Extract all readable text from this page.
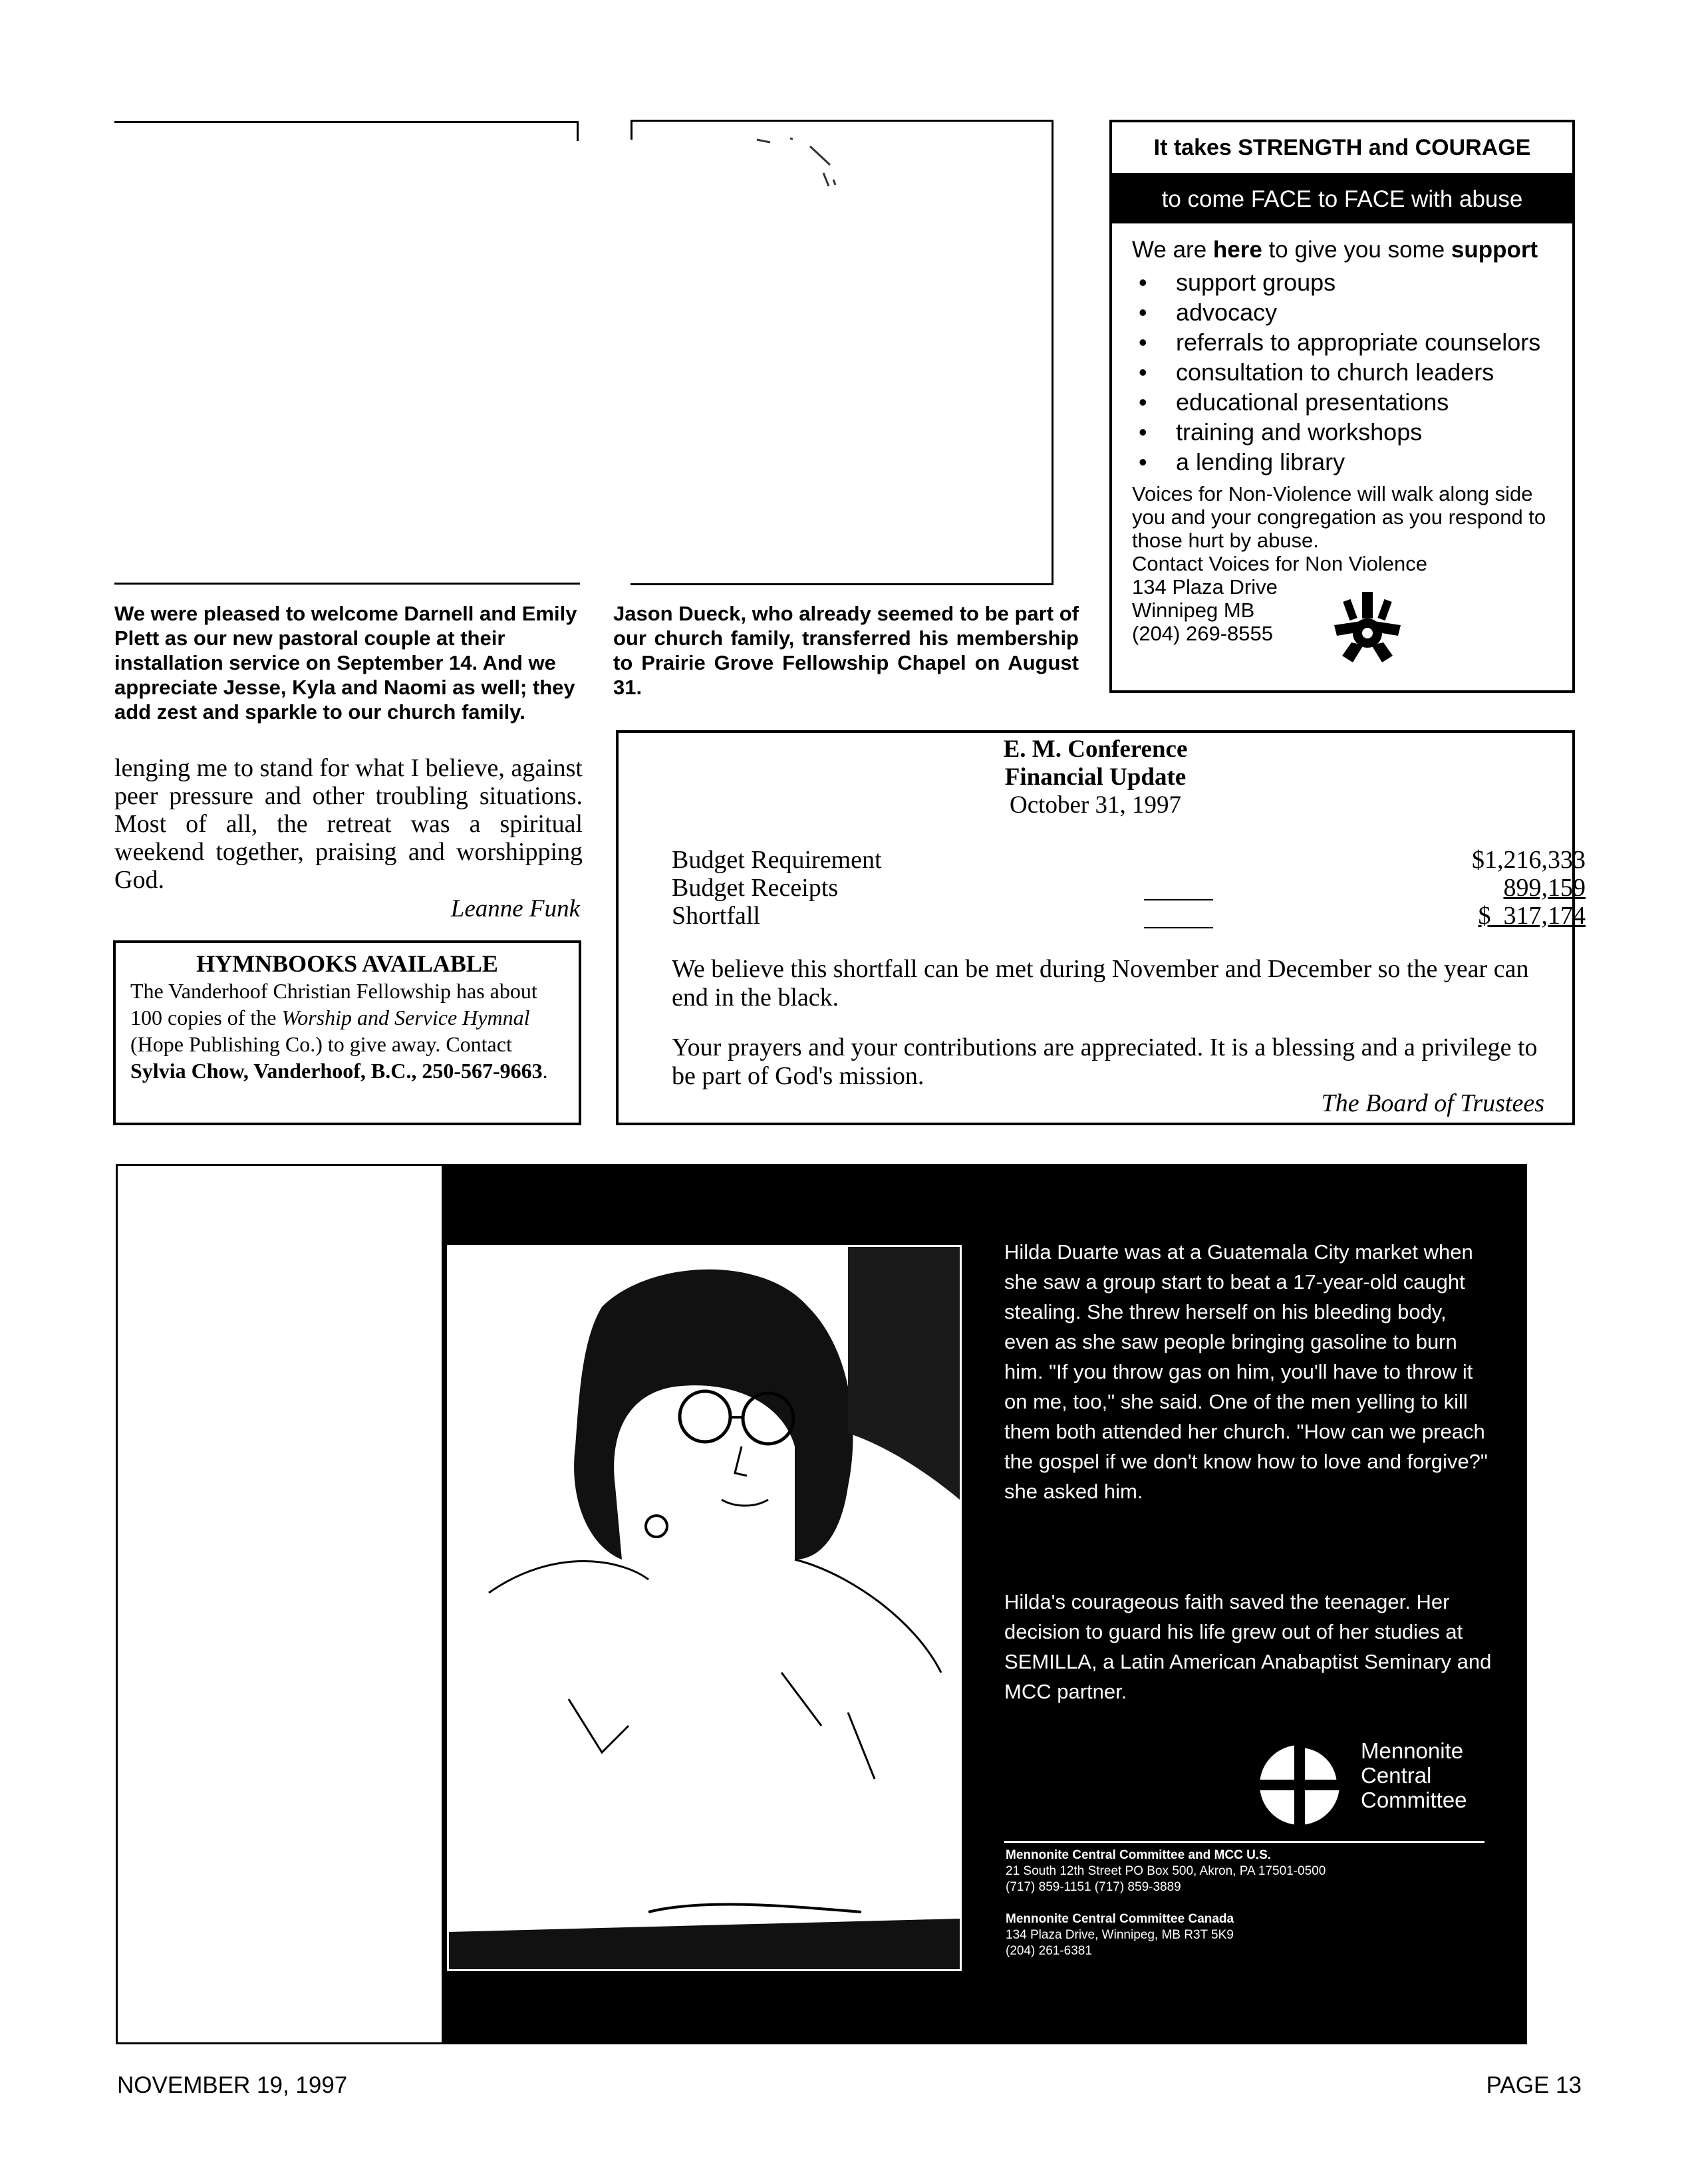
We were pleased to welcome Darnell and Emily Plett as our new pastoral couple at their installation service on September 14. And we appreciate Jesse, Kyla and Naomi as well; they add zest and sparkle to our church family.
Jason Dueck, who already seemed to be part of our church family, transferred his membership to Prairie Grove Fellowship Chapel on August 31.
lenging me to stand for what I believe, against peer pressure and other troubling situations. Most of all, the retreat was a spiritual weekend together, praising and worshipping God.
Leanne Funk
It takes STRENGTH and COURAGE
to come FACE to FACE with abuse
We are here to give you some support
• support groups
• advocacy
• referrals to appropriate counselors
• consultation to church leaders
• educational presentations
• training and workshops
• a lending library
Voices for Non-Violence will walk along side you and your congregation as you respond to those hurt by abuse.
Contact Voices for Non Violence
134 Plaza Drive
Winnipeg MB
(204) 269-8555
E. M. Conference
Financial Update
October 31, 1997
Budget Requirement
Budget Receipts
Shortfall
$1,216,333
899,159
$  317,174
We believe this shortfall can be met during November and December so the year can end in the black.
Your prayers and your contributions are appreciated. It is a blessing and a privilege to be part of God's mission.
The Board of Trustees
HYMNBOOKS AVAILABLE
The Vanderhoof Christian Fellowship has about 100 copies of the Worship and Service Hymnal (Hope Publishing Co.) to give away. Contact Sylvia Chow, Vanderhoof, B.C., 250-567-9663.
Hilda Duarte was at a Guatemala City market when she saw a group start to beat a 17-year-old caught stealing. She threw herself on his bleeding body, even as she saw people bringing gasoline to burn him. "If you throw gas on him, you'll have to throw it on me, too," she said. One of the men yelling to kill them both attended her church. "How can we preach the gospel if we don't know how to love and forgive?" she asked him.
Hilda's courageous faith saved the teenager. Her decision to guard his life grew out of her studies at SEMILLA, a Latin American Anabaptist Seminary and MCC partner.
Mennonite
Central
Committee
Mennonite Central Committee and MCC U.S.
21 South 12th Street PO Box 500, Akron, PA 17501-0500
(717) 859-1151 (717) 859-3889
Mennonite Central Committee Canada
134 Plaza Drive, Winnipeg, MB R3T 5K9
(204) 261-6381
NOVEMBER 19, 1997	PAGE 13
